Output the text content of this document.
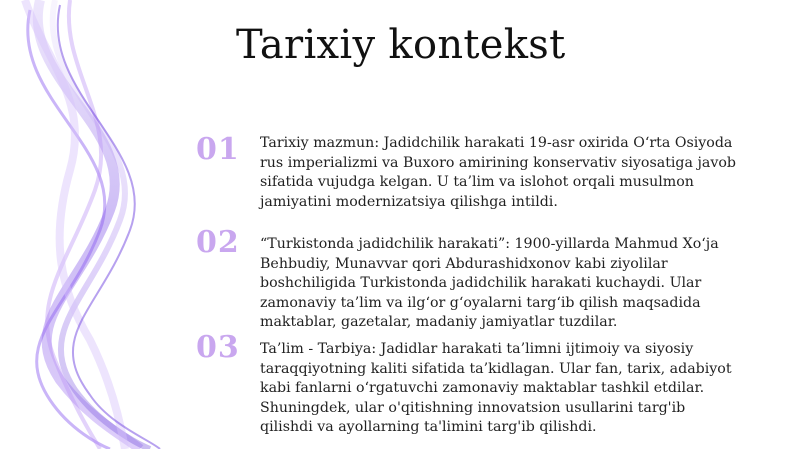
Tarixiy kontekst
01 Tarixiy mazmun: Jadidchilik harakati 19-asr oxirida O‘rta Osiyoda rus imperializmi va Buxoro amirining konservativ siyosatiga javob sifatida vujudga kelgan. U ta’lim va islohot orqali musulmon jamiyatini modernizatsiya qilishga intildi.
02 “Turkistonda jadidchilik harakati”: 1900-yillarda Mahmud Xo‘ja Behbudiy, Munavvar qori Abdurashidxonov kabi ziyolilar boshchiligida Turkistonda jadidchilik harakati kuchaydi. Ular zamonaviy ta’lim va ilg‘or g‘oyalarni targ‘ib qilish maqsadida maktablar, gazetalar, madaniy jamiyatlar tuzdilar.
03 Ta’lim - Tarbiya: Jadidlar harakati ta’limni ijtimoiy va siyosiy taraqqiyotning kaliti sifatida ta’kidlagan. Ular fan, tarix, adabiyot kabi fanlarni o‘rgatuvchi zamonaviy maktablar tashkil etdilar. Shuningdek, ular o'qitishning innovatsion usullarini targ'ib qilishdi va ayollarning ta'limini targ'ib qilishdi.
